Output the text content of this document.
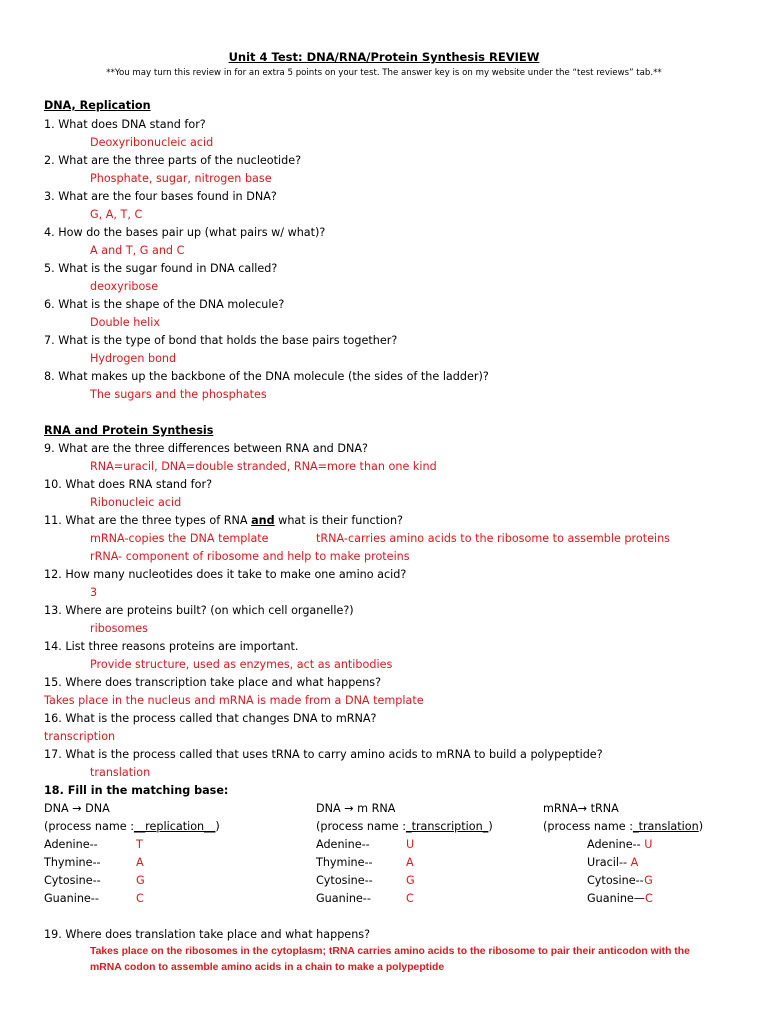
Unit 4 Test: DNA/RNA/Protein Synthesis REVIEW
**You may turn this review in for an extra 5 points on your test. The answer key is on my website under the “test reviews” tab.**
DNA, Replication
1. What does DNA stand for?
Deoxyribonucleic acid
2. What are the three parts of the nucleotide?
Phosphate, sugar, nitrogen base
3. What are the four bases found in DNA?
G, A, T, C
4. How do the bases pair up (what pairs w/ what)?
A and T, G and C
5. What is the sugar found in DNA called?
deoxyribose
6. What is the shape of the DNA molecule?
Double helix
7. What is the type of bond that holds the base pairs together?
Hydrogen bond
8. What makes up the backbone of the DNA molecule (the sides of the ladder)?
The sugars and the phosphates
RNA and Protein Synthesis
9. What are the three differences between RNA and DNA?
RNA=uracil, DNA=double stranded, RNA=more than one kind
10. What does RNA stand for?
Ribonucleic acid
11. What are the three types of RNA and what is their function?
mRNA-copies the DNA template	tRNA-carries amino acids to the ribosome to assemble proteins
rRNA- component of ribosome and help to make proteins
12. How many nucleotides does it take to make one amino acid?
3
13. Where are proteins built? (on which cell organelle?)
ribosomes
14. List three reasons proteins are important.
Provide structure, used as enzymes, act as antibodies
15. Where does transcription take place and what happens?
Takes place in the nucleus and mRNA is made from a DNA template
16. What is the process called that changes DNA to mRNA?
transcription
17. What is the process called that uses tRNA to carry amino acids to mRNA to build a polypeptide?
translation
18. Fill in the matching base:
DNA → DNA
(process name :__replication__)
Adenine--	T
Thymine--	A
Cytosine--	G
Guanine--	C
DNA → m RNA
(process name :_transcription_)
Adenine--	U
Thymine--	A
Cytosine--	G
Guanine--	C
mRNA→ tRNA
(process name :_translation)
Adenine-- U
Uracil-- A
Cytosine--G
Guanine—C
19. Where does translation take place and what happens?
Takes place on the ribosomes in the cytoplasm; tRNA carries amino acids to the ribosome to pair their anticodon with the
mRNA codon to assemble amino acids in a chain to make a polypeptide
